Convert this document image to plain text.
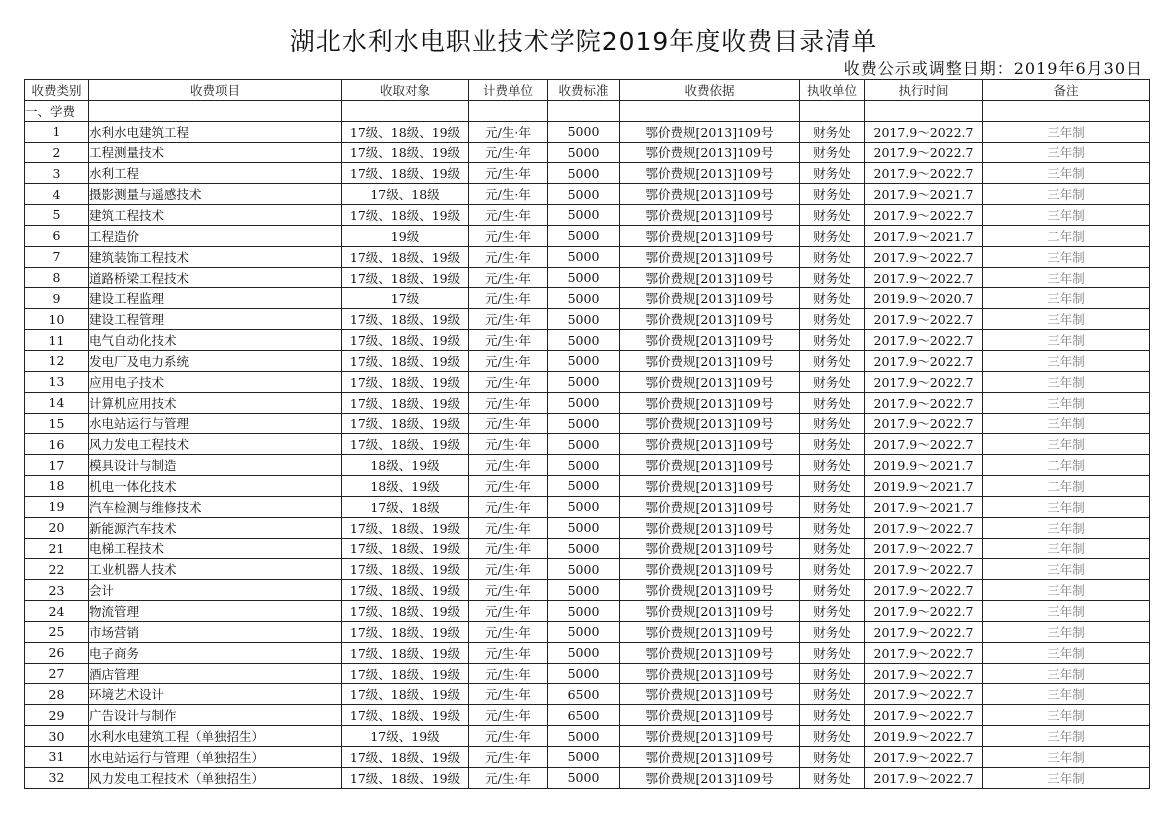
湖北水利水电职业技术学院2019年度收费目录清单
收费公示或调整日期：2019年6月30日
收费类别	收费项目	收取对象	计费单位	收费标准	收费依据	执收单位	执行时间	备注
一、学费								
1	水利水电建筑工程	17级、18级、19级	元/生·年	5000	鄂价费规[2013]109号	财务处	2017.9～2022.7	三年制
2	工程测量技术	17级、18级、19级	元/生·年	5000	鄂价费规[2013]109号	财务处	2017.9～2022.7	三年制
3	水利工程	17级、18级、19级	元/生·年	5000	鄂价费规[2013]109号	财务处	2017.9～2022.7	三年制
4	摄影测量与遥感技术	17级、18级	元/生·年	5000	鄂价费规[2013]109号	财务处	2017.9～2021.7	三年制
5	建筑工程技术	17级、18级、19级	元/生·年	5000	鄂价费规[2013]109号	财务处	2017.9～2022.7	三年制
6	工程造价	19级	元/生·年	5000	鄂价费规[2013]109号	财务处	2017.9～2021.7	二年制
7	建筑装饰工程技术	17级、18级、19级	元/生·年	5000	鄂价费规[2013]109号	财务处	2017.9～2022.7	三年制
8	道路桥梁工程技术	17级、18级、19级	元/生·年	5000	鄂价费规[2013]109号	财务处	2017.9～2022.7	三年制
9	建设工程监理	17级	元/生·年	5000	鄂价费规[2013]109号	财务处	2019.9～2020.7	三年制
10	建设工程管理	17级、18级、19级	元/生·年	5000	鄂价费规[2013]109号	财务处	2017.9～2022.7	三年制
11	电气自动化技术	17级、18级、19级	元/生·年	5000	鄂价费规[2013]109号	财务处	2017.9～2022.7	三年制
12	发电厂及电力系统	17级、18级、19级	元/生·年	5000	鄂价费规[2013]109号	财务处	2017.9～2022.7	三年制
13	应用电子技术	17级、18级、19级	元/生·年	5000	鄂价费规[2013]109号	财务处	2017.9～2022.7	三年制
14	计算机应用技术	17级、18级、19级	元/生·年	5000	鄂价费规[2013]109号	财务处	2017.9～2022.7	三年制
15	水电站运行与管理	17级、18级、19级	元/生·年	5000	鄂价费规[2013]109号	财务处	2017.9～2022.7	三年制
16	风力发电工程技术	17级、18级、19级	元/生·年	5000	鄂价费规[2013]109号	财务处	2017.9～2022.7	三年制
17	模具设计与制造	18级、19级	元/生·年	5000	鄂价费规[2013]109号	财务处	2019.9～2021.7	二年制
18	机电一体化技术	18级、19级	元/生·年	5000	鄂价费规[2013]109号	财务处	2019.9～2021.7	二年制
19	汽车检测与维修技术	17级、18级	元/生·年	5000	鄂价费规[2013]109号	财务处	2017.9～2021.7	三年制
20	新能源汽车技术	17级、18级、19级	元/生·年	5000	鄂价费规[2013]109号	财务处	2017.9～2022.7	三年制
21	电梯工程技术	17级、18级、19级	元/生·年	5000	鄂价费规[2013]109号	财务处	2017.9～2022.7	三年制
22	工业机器人技术	17级、18级、19级	元/生·年	5000	鄂价费规[2013]109号	财务处	2017.9～2022.7	三年制
23	会计	17级、18级、19级	元/生·年	5000	鄂价费规[2013]109号	财务处	2017.9～2022.7	三年制
24	物流管理	17级、18级、19级	元/生·年	5000	鄂价费规[2013]109号	财务处	2017.9～2022.7	三年制
25	市场营销	17级、18级、19级	元/生·年	5000	鄂价费规[2013]109号	财务处	2017.9～2022.7	三年制
26	电子商务	17级、18级、19级	元/生·年	5000	鄂价费规[2013]109号	财务处	2017.9～2022.7	三年制
27	酒店管理	17级、18级、19级	元/生·年	5000	鄂价费规[2013]109号	财务处	2017.9～2022.7	三年制
28	环境艺术设计	17级、18级、19级	元/生·年	6500	鄂价费规[2013]109号	财务处	2017.9～2022.7	三年制
29	广告设计与制作	17级、18级、19级	元/生·年	6500	鄂价费规[2013]109号	财务处	2017.9～2022.7	三年制
30	水利水电建筑工程（单独招生）	17级、19级	元/生·年	5000	鄂价费规[2013]109号	财务处	2019.9～2022.7	三年制
31	水电站运行与管理（单独招生）	17级、18级、19级	元/生·年	5000	鄂价费规[2013]109号	财务处	2017.9～2022.7	三年制
32	风力发电工程技术（单独招生）	17级、18级、19级	元/生·年	5000	鄂价费规[2013]109号	财务处	2017.9～2022.7	三年制
